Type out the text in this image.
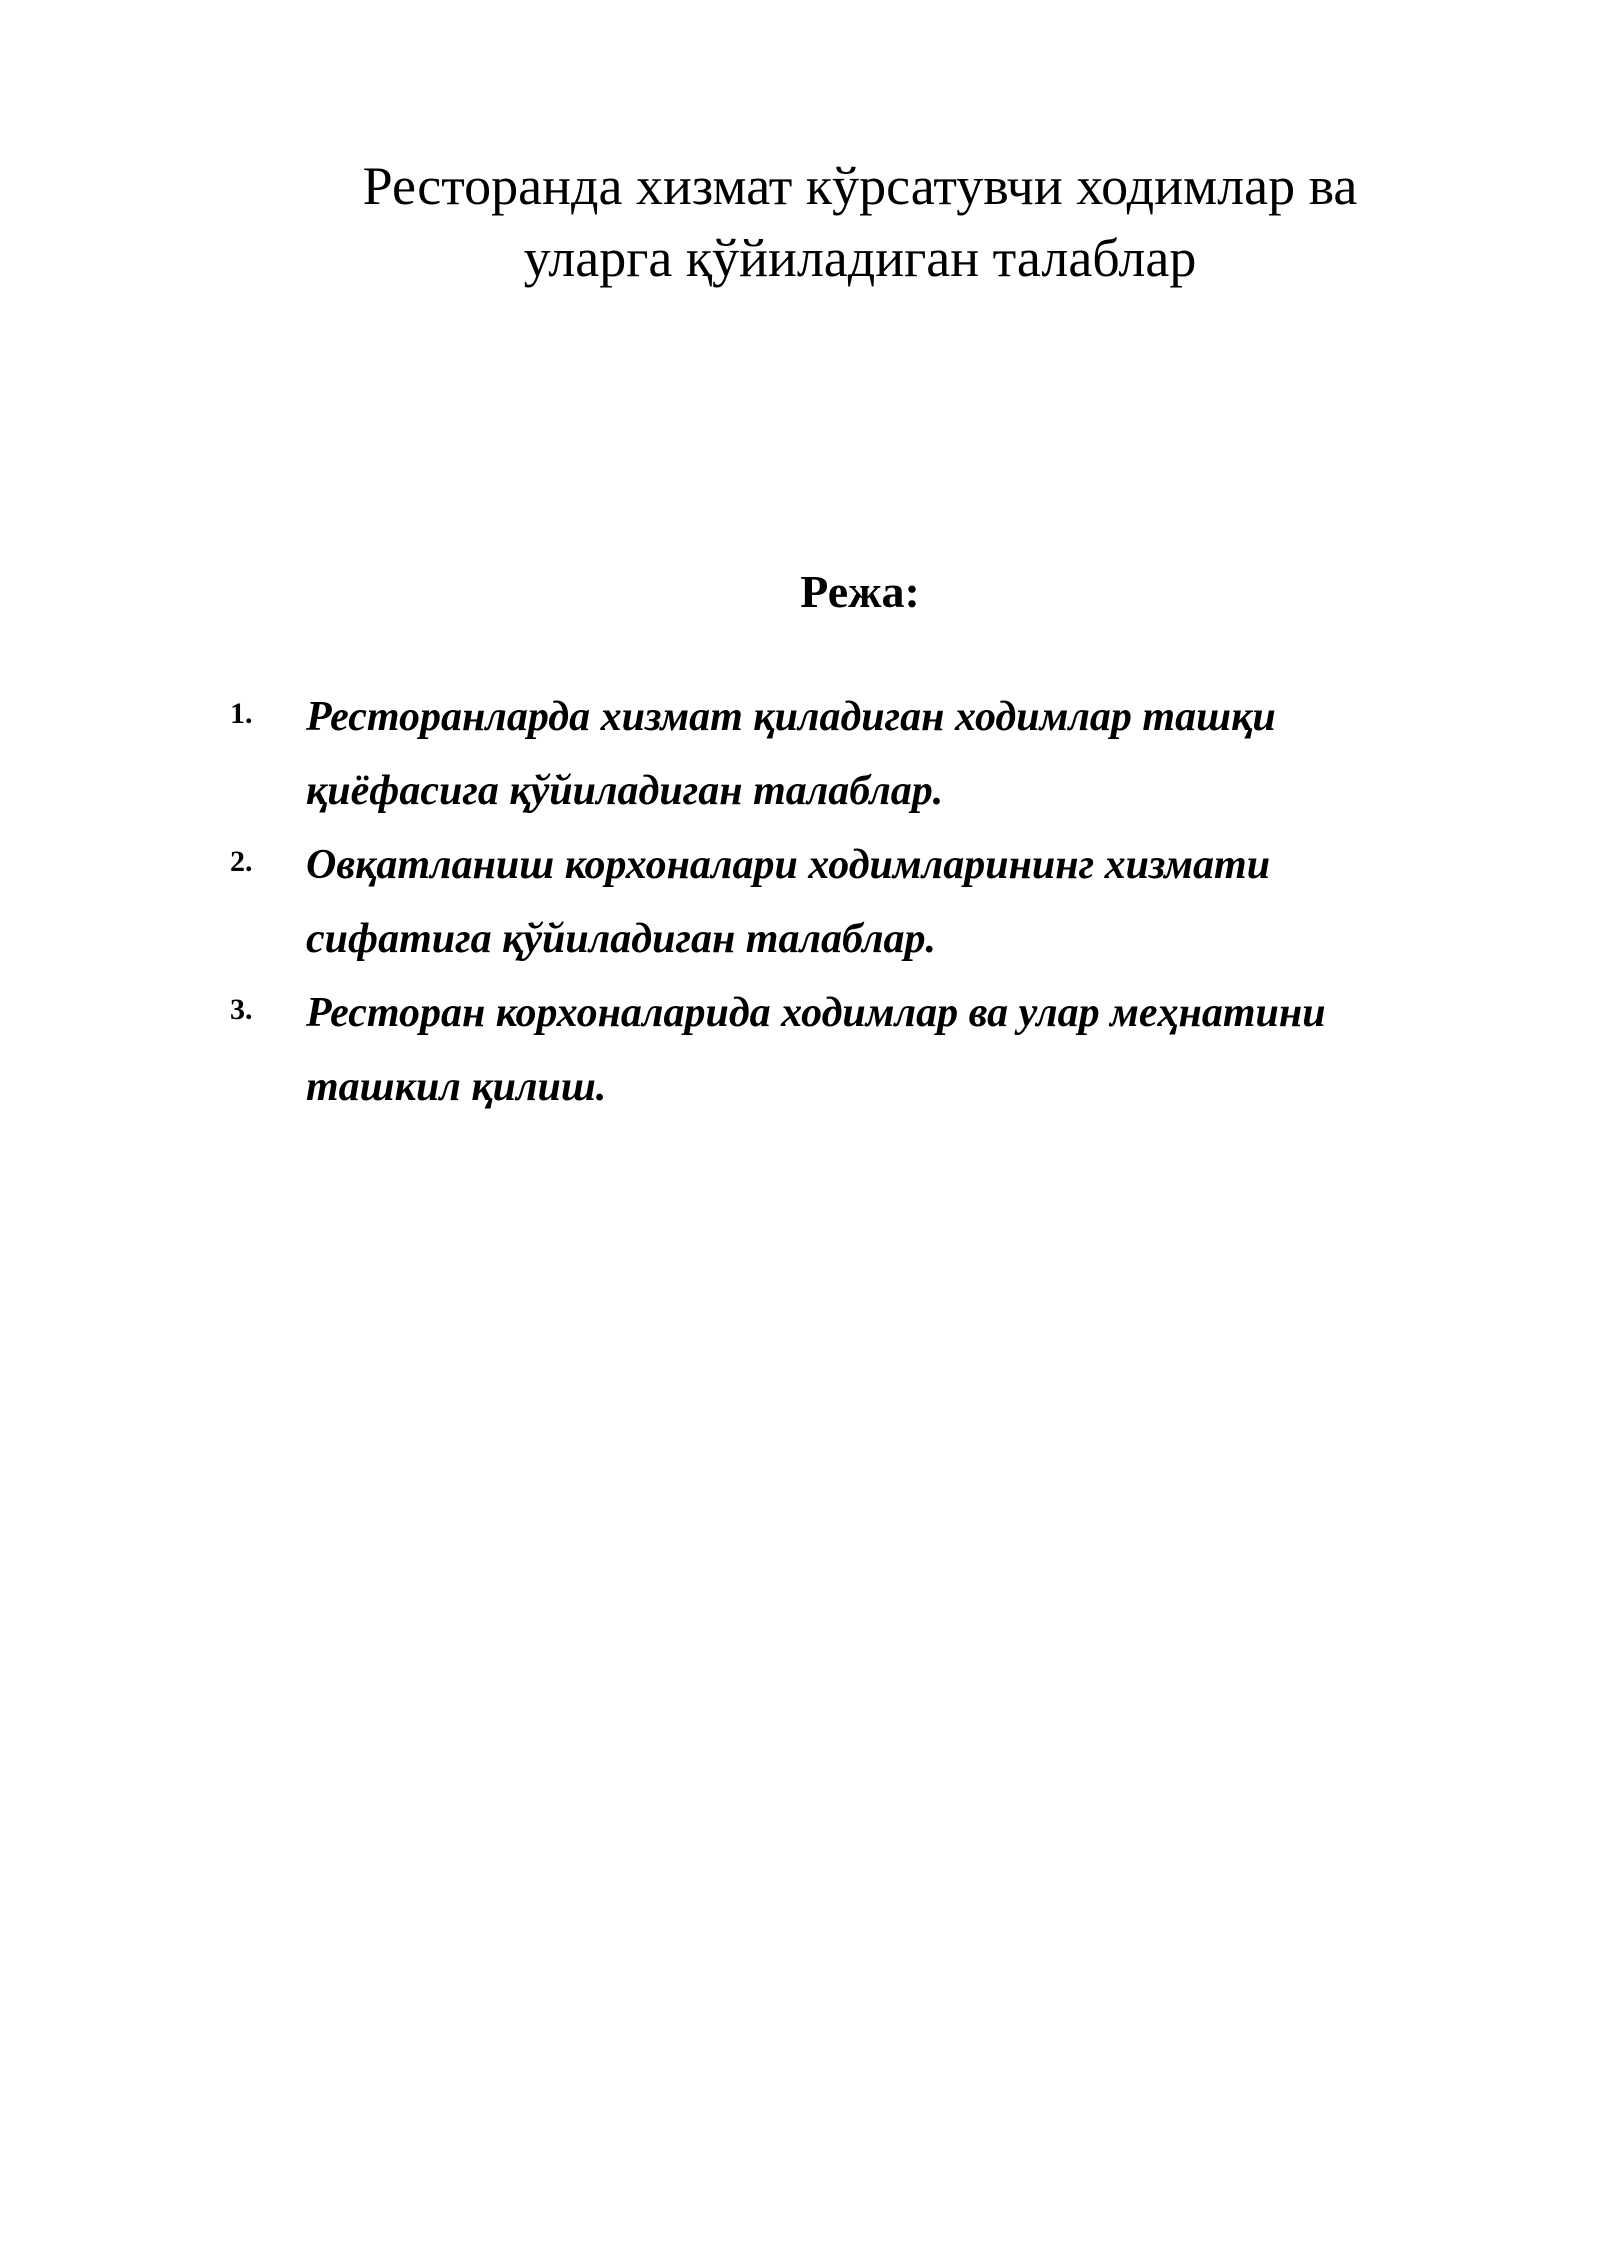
Ресторанда хизмат кўрсатувчи ходимлар ва
уларга қўйиладиган талаблар
Режа:
1. Ресторанларда хизмат қиладиган ходимлар ташқи
қиёфасига қўйиладиган талаблар.
2. Овқатланиш корхоналари ходимларининг хизмати
сифатига қўйиладиган талаблар.
3. Ресторан корхоналарида ходимлар ва улар меҳнатини
ташкил қилиш.
